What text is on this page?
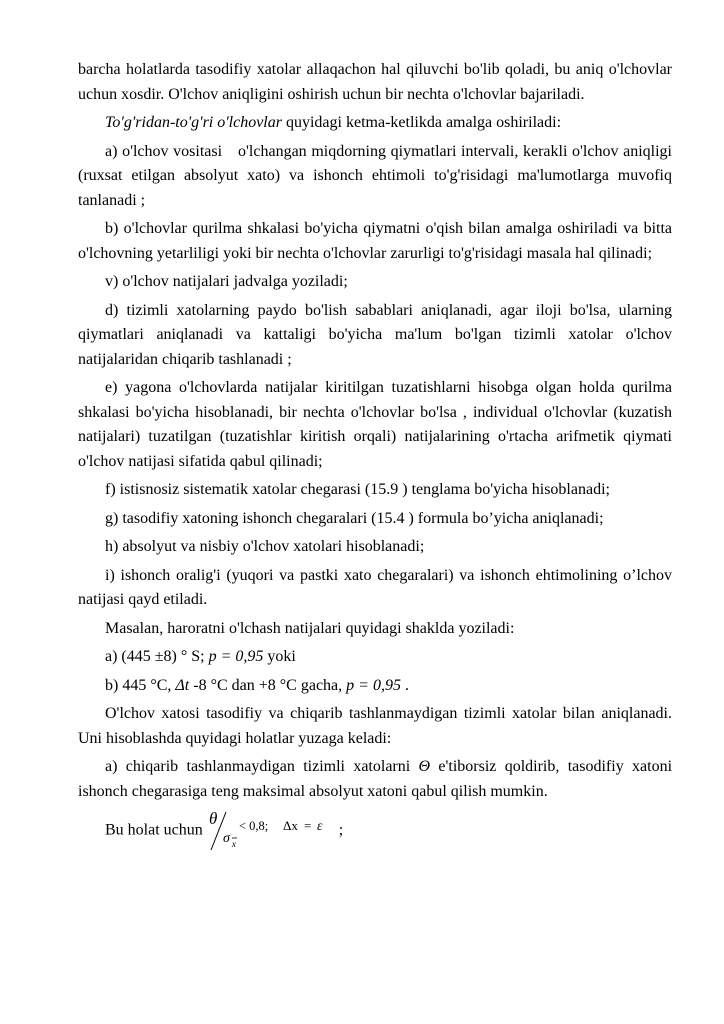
barcha holatlarda tasodifiy xatolar allaqachon hal qiluvchi bo'lib qoladi, bu aniq o'lchovlar uchun xosdir. O'lchov aniqligini oshirish uchun bir nechta o'lchovlar bajariladi.

To'g'ridan-to'g'ri o'lchovlar quyidagi ketma-ketlikda amalga oshiriladi:

a) o'lchov vositasi o'lchangan miqdorning qiymatlari intervali, kerakli o'lchov aniqligi (ruxsat etilgan absolyut xato) va ishonch ehtimoli to'g'risidagi ma'lumotlarga muvofiq tanlanadi ;

b) o'lchovlar qurilma shkalasi bo'yicha qiymatni o'qish bilan amalga oshiriladi va bitta o'lchovning yetarliligi yoki bir nechta o'lchovlar zarurligi to'g'risidagi masala hal qilinadi;

v) o'lchov natijalari jadvalga yoziladi;

d) tizimli xatolarning paydo bo'lish sabablari aniqlanadi, agar iloji bo'lsa, ularning qiymatlari aniqlanadi va kattaligi bo'yicha ma'lum bo'lgan tizimli xatolar o'lchov natijalaridan chiqarib tashlanadi ;

e) yagona o'lchovlarda natijalar kiritilgan tuzatishlarni hisobga olgan holda qurilma shkalasi bo'yicha hisoblanadi, bir nechta o'lchovlar bo'lsa , individual o'lchovlar (kuzatish natijalari) tuzatilgan (tuzatishlar kiritish orqali) natijalarining o'rtacha arifmetik qiymati o'lchov natijasi sifatida qabul qilinadi;

f) istisnosiz sistematik xatolar chegarasi (15.9 ) tenglama bo'yicha hisoblanadi;

g) tasodifiy xatoning ishonch chegaralari (15.4 ) formula bo’yicha aniqlanadi;

h) absolyut va nisbiy o'lchov xatolari hisoblanadi;

i) ishonch oralig'i (yuqori va pastki xato chegaralari) va ishonch ehtimolining o’lchov natijasi qayd etiladi.

Masalan, haroratni o'lchash natijalari quyidagi shaklda yoziladi:

a) (445 ±8) ° S; p = 0,95 yoki

b) 445 °C, Δt -8 °C dan +8 °C gacha, p = 0,95 .

O'lchov xatosi tasodifiy va chiqarib tashlanmaydigan tizimli xatolar bilan aniqlanadi. Uni hisoblashda quyidagi holatlar yuzaga keladi:

a) chiqarib tashlanmaydigan tizimli xatolarni Θ e'tiborsiz qoldirib, tasodifiy xatoni ishonch chegarasiga teng maksimal absolyut xatoni qabul qilish mumkin.

Bu holat uchun
θ
σ x
< 0,8; Δx = ε ;
